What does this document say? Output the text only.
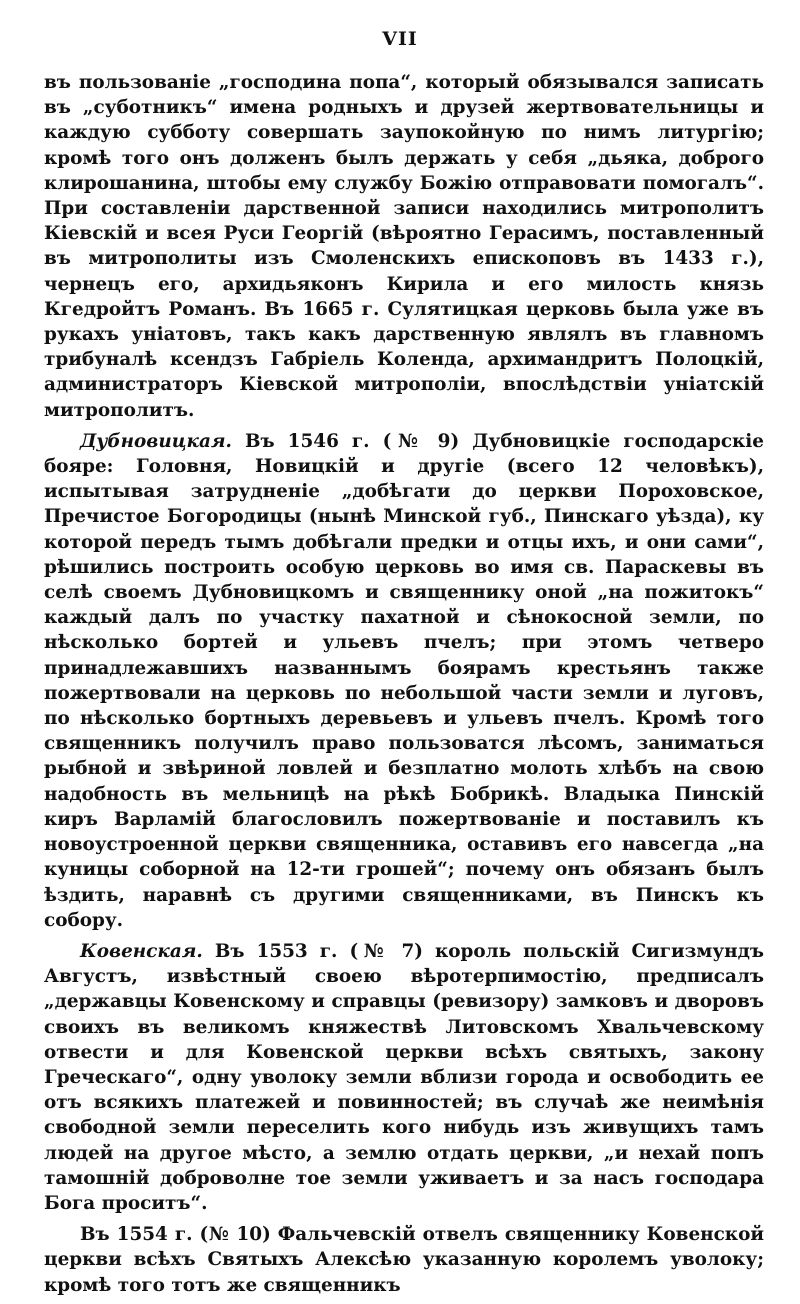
VII

въ пользованіе „господина попа“, который обязывался записать въ „суботникъ“ имена родныхъ и друзей жертвовательницы и каждую субботу совершать заупокойную по нимъ литургію; кромѣ того онъ долженъ былъ держать у себя „дьяка, доброго клирошанина, штобы ему службу Божію отправовати помогалъ“. При составленіи дарственной записи находились митрополитъ Кіевскій и всея Руси Георгій (вѣроятно Герасимъ, поставленный въ митрополиты изъ Смоленскихъ епископовъ въ 1433 г.), чернецъ его, архидьяконъ Кирила и его милость князь Кгедройтъ Романъ. Въ 1665 г. Сулятицкая церковь была уже въ рукахъ уніатовъ, такъ какъ дарственную являлъ въ главномъ трибуналѣ ксендзъ Габріель Коленда, архимандритъ Полоцкій, администраторъ Кіевской митрополіи, впослѣдствіи уніатскій митрополитъ.

Дубновицкая. Въ 1546 г. (№ 9) Дубновицкіе господарскіе бояре: Головня, Новицкій и другіе (всего 12 человѣкъ), испытывая затрудненіе „добѣгати до церкви Пороховское, Пречистое Богородицы (нынѣ Минской губ., Пинскаго уѣзда), ку которой передъ тымъ добѣгали предки и отцы ихъ, и они сами“, рѣшились построить особую церковь во имя св. Параскевы въ селѣ своемъ Дубновицкомъ и священнику оной „на пожитокъ“ каждый далъ по участку пахатной и сѣнокосной земли, по нѣсколько бортей и ульевъ пчелъ; при этомъ четверо принадлежавшихъ названнымъ боярамъ крестьянъ также пожертвовали на церковь по небольшой части земли и луговъ, по нѣсколько бортныхъ деревьевъ и ульевъ пчелъ. Кромѣ того священникъ получилъ право пользоватся лѣсомъ, заниматься рыбной и звѣриной ловлей и безплатно молоть хлѣбъ на свою надобность въ мельницѣ на рѣкѣ Бобрикѣ. Владыка Пинскій киръ Варламій благословилъ пожертвованіе и поставилъ къ новоустроенной церкви священника, оставивъ его навсегда „на куницы соборной на 12-ти грошей“; почему онъ обязанъ былъ ѣздить, наравнѣ съ другими священниками, въ Пинскъ къ собору.

Ковенская. Въ 1553 г. (№ 7) король польскій Сигизмундъ Августъ, извѣстный своею вѣротерпимостію, предписалъ „державцы Ковенскому и справцы (ревизору) замковъ и дворовъ своихъ въ великомъ княжествѣ Литовскомъ Хвальчевскому отвести и для Ковенской церкви всѣхъ святыхъ, закону Греческаго“, одну уволоку земли вблизи города и освободить ее отъ всякихъ платежей и повинностей; въ случаѣ же неимѣнія свободной земли переселить кого нибудь изъ живущихъ тамъ людей на другое мѣсто, а землю отдать церкви, „и нехай попъ тамошній доброволне тое земли уживаетъ и за насъ господара Бога проситъ“.

Въ 1554 г. (№ 10) Фальчевскій отвелъ священнику Ковенской церкви всѣхъ Святыхъ Алексѣю указанную королемъ уволоку; кромѣ того тотъ же священникъ
